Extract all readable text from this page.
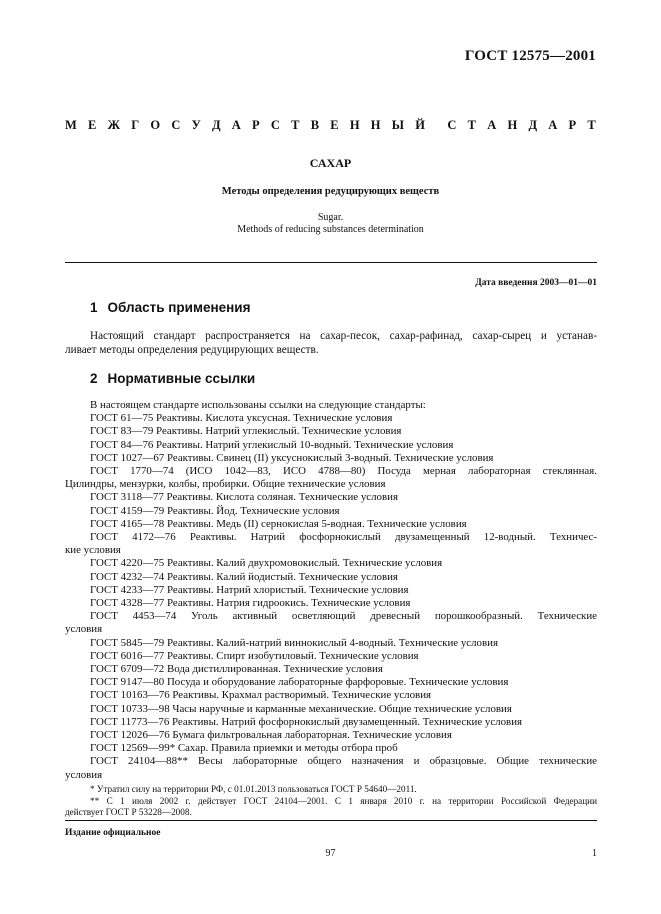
ГОСТ 12575—2001
М Е Ж Г О С У Д А Р С Т В Е Н Н Ы Й С Т А Н Д А Р Т
САХАР
Методы определения редуцирующих веществ
Sugar.
Methods of reducing substances determination
Дата введения 2003—01—01
1 Область применения
Настоящий стандарт распространяется на сахар-песок, сахар-рафинад, сахар-сырец и устанав-
ливает методы определения редуцирующих веществ.
2 Нормативные ссылки
В настоящем стандарте использованы ссылки на следующие стандарты:
ГОСТ 61—75 Реактивы. Кислота уксусная. Технические условия
ГОСТ 83—79 Реактивы. Натрий углекислый. Технические условия
ГОСТ 84—76 Реактивы. Натрий углекислый 10-водный. Технические условия
ГОСТ 1027—67 Реактивы. Свинец (II) уксуснокислый 3-водный. Технические условия
ГОСТ 1770—74 (ИСО 1042—83, ИСО 4788—80) Посуда мерная лабораторная стеклянная.
Цилиндры, мензурки, колбы, пробирки. Общие технические условия
ГОСТ 3118—77 Реактивы. Кислота соляная. Технические условия
ГОСТ 4159—79 Реактивы. Йод. Технические условия
ГОСТ 4165—78 Реактивы. Медь (II) сернокислая 5-водная. Технические условия
ГОСТ 4172—76 Реактивы. Натрий фосфорнокислый двузамещенный 12-водный. Техничес-
кие условия
ГОСТ 4220—75 Реактивы. Калий двухромовокислый. Технические условия
ГОСТ 4232—74 Реактивы. Калий йодистый. Технические условия
ГОСТ 4233—77 Реактивы. Натрий хлористый. Технические условия
ГОСТ 4328—77 Реактивы. Натрия гидроокись. Технические условия
ГОСТ 4453—74 Уголь активный осветляющий древесный порошкообразный. Технические
условия
ГОСТ 5845—79 Реактивы. Калий-натрий виннокислый 4-водный. Технические условия
ГОСТ 6016—77 Реактивы. Спирт изобутиловый. Технические условия
ГОСТ 6709—72 Вода дистиллированная. Технические условия
ГОСТ 9147—80 Посуда и оборудование лабораторные фарфоровые. Технические условия
ГОСТ 10163—76 Реактивы. Крахмал растворимый. Технические условия
ГОСТ 10733—98 Часы наручные и карманные механические. Общие технические условия
ГОСТ 11773—76 Реактивы. Натрий фосфорнокислый двузамещенный. Технические условия
ГОСТ 12026—76 Бумага фильтровальная лабораторная. Технические условия
ГОСТ 12569—99* Сахар. Правила приемки и методы отбора проб
ГОСТ 24104—88** Весы лабораторные общего назначения и образцовые. Общие технические
условия
* Утратил силу на территории РФ, с 01.01.2013 пользоваться ГОСТ Р 54640—2011.
** С 1 июля 2002 г. действует ГОСТ 24104—2001. С 1 января 2010 г. на территории Российской Федерации
действует ГОСТ Р 53228—2008.
Издание официальное
97	1
